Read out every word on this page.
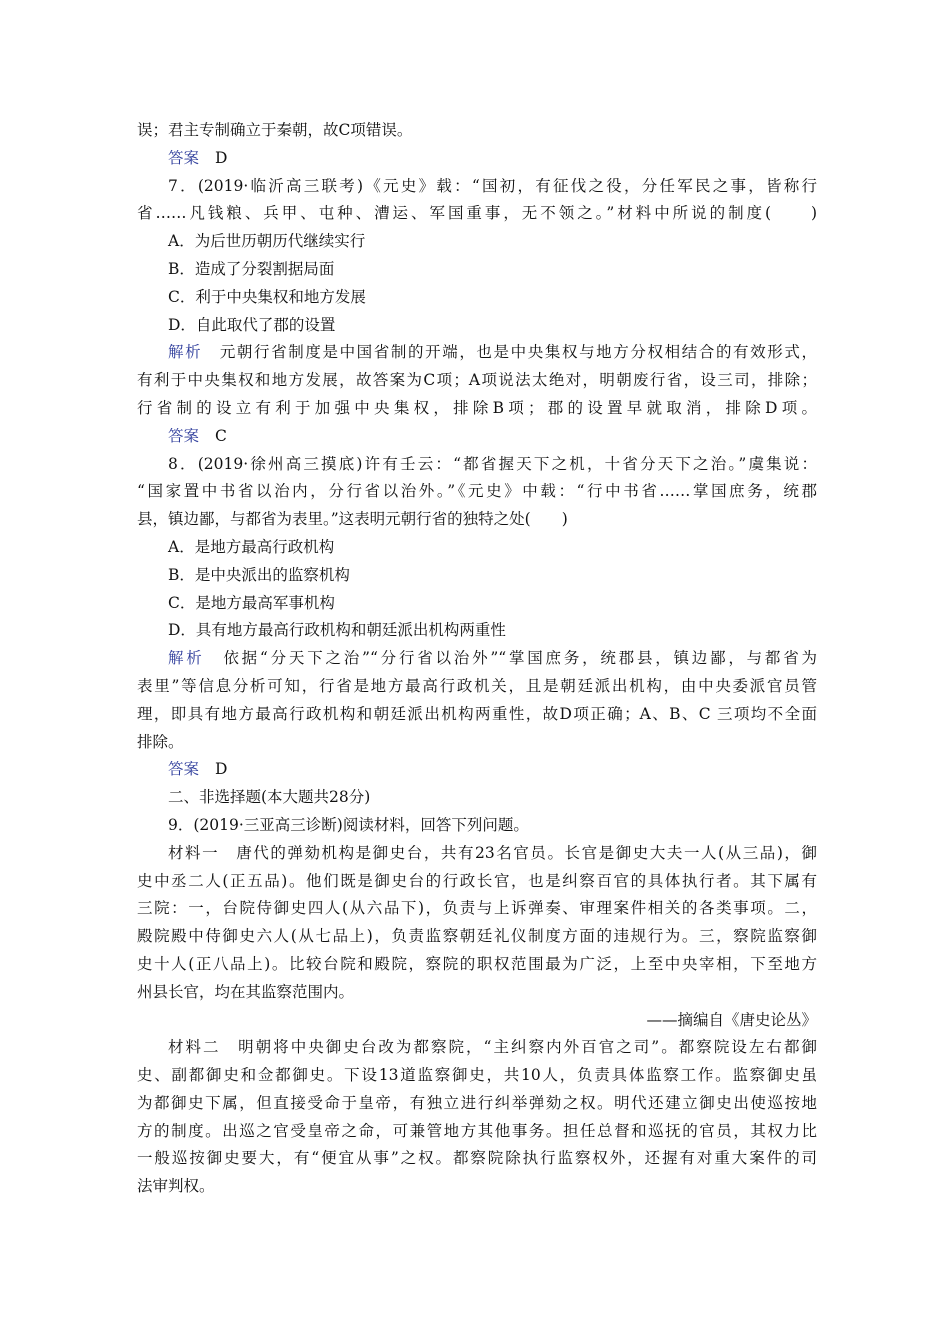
误；君主专制确立于秦朝，故C项错误。
答案 D
7．(2019·临沂高三联考)《元史》载：“国初，有征伐之役，分任军民之事，皆称行
省……凡钱粮、兵甲、屯种、漕运、军国重事，无不领之。”材料中所说的制度(　　)
A．为后世历朝历代继续实行
B．造成了分裂割据局面
C．利于中央集权和地方发展
D．自此取代了郡的设置
解析 元朝行省制度是中国省制的开端，也是中央集权与地方分权相结合的有效形式，
有利于中央集权和地方发展，故答案为C项；A项说法太绝对，明朝废行省，设三司，排除；
行省制的设立有利于加强中央集权，排除B项；郡的设置早就取消，排除D项。
答案 C
8．(2019·徐州高三摸底)许有壬云：“都省握天下之机，十省分天下之治。”虞集说：
“国家置中书省以治内，分行省以治外。”《元史》中载：“行中书省……掌国庶务，统郡
县，镇边鄙，与都省为表里。”这表明元朝行省的独特之处(　　)
A．是地方最高行政机构
B．是中央派出的监察机构
C．是地方最高军事机构
D．具有地方最高行政机构和朝廷派出机构两重性
解析 依据“分天下之治”“分行省以治外”“掌国庶务，统郡县，镇边鄙，与都省为
表里”等信息分析可知，行省是地方最高行政机关，且是朝廷派出机构，由中央委派官员管
理，即具有地方最高行政机构和朝廷派出机构两重性，故D项正确；A、B、C 三项均不全面
排除。
答案 D
二、非选择题(本大题共28分)
9．(2019·三亚高三诊断)阅读材料，回答下列问题。
材料一　唐代的弹劾机构是御史台，共有23名官员。长官是御史大夫一人(从三品)，御
史中丞二人(正五品)。他们既是御史台的行政长官，也是纠察百官的具体执行者。其下属有
三院：一，台院侍御史四人(从六品下)，负责与上诉弹奏、审理案件相关的各类事项。二，
殿院殿中侍御史六人(从七品上)，负责监察朝廷礼仪制度方面的违规行为。三，察院监察御
史十人(正八品上)。比较台院和殿院，察院的职权范围最为广泛，上至中央宰相，下至地方
州县长官，均在其监察范围内。
——摘编自《唐史论丛》
材料二　明朝将中央御史台改为都察院，“主纠察内外百官之司”。都察院设左右都御
史、副都御史和佥都御史。下设13道监察御史，共10人，负责具体监察工作。监察御史虽
为都御史下属，但直接受命于皇帝，有独立进行纠举弹劾之权。明代还建立御史出使巡按地
方的制度。出巡之官受皇帝之命，可兼管地方其他事务。担任总督和巡抚的官员，其权力比
一般巡按御史要大，有“便宜从事”之权。都察院除执行监察权外，还握有对重大案件的司
法审判权。
